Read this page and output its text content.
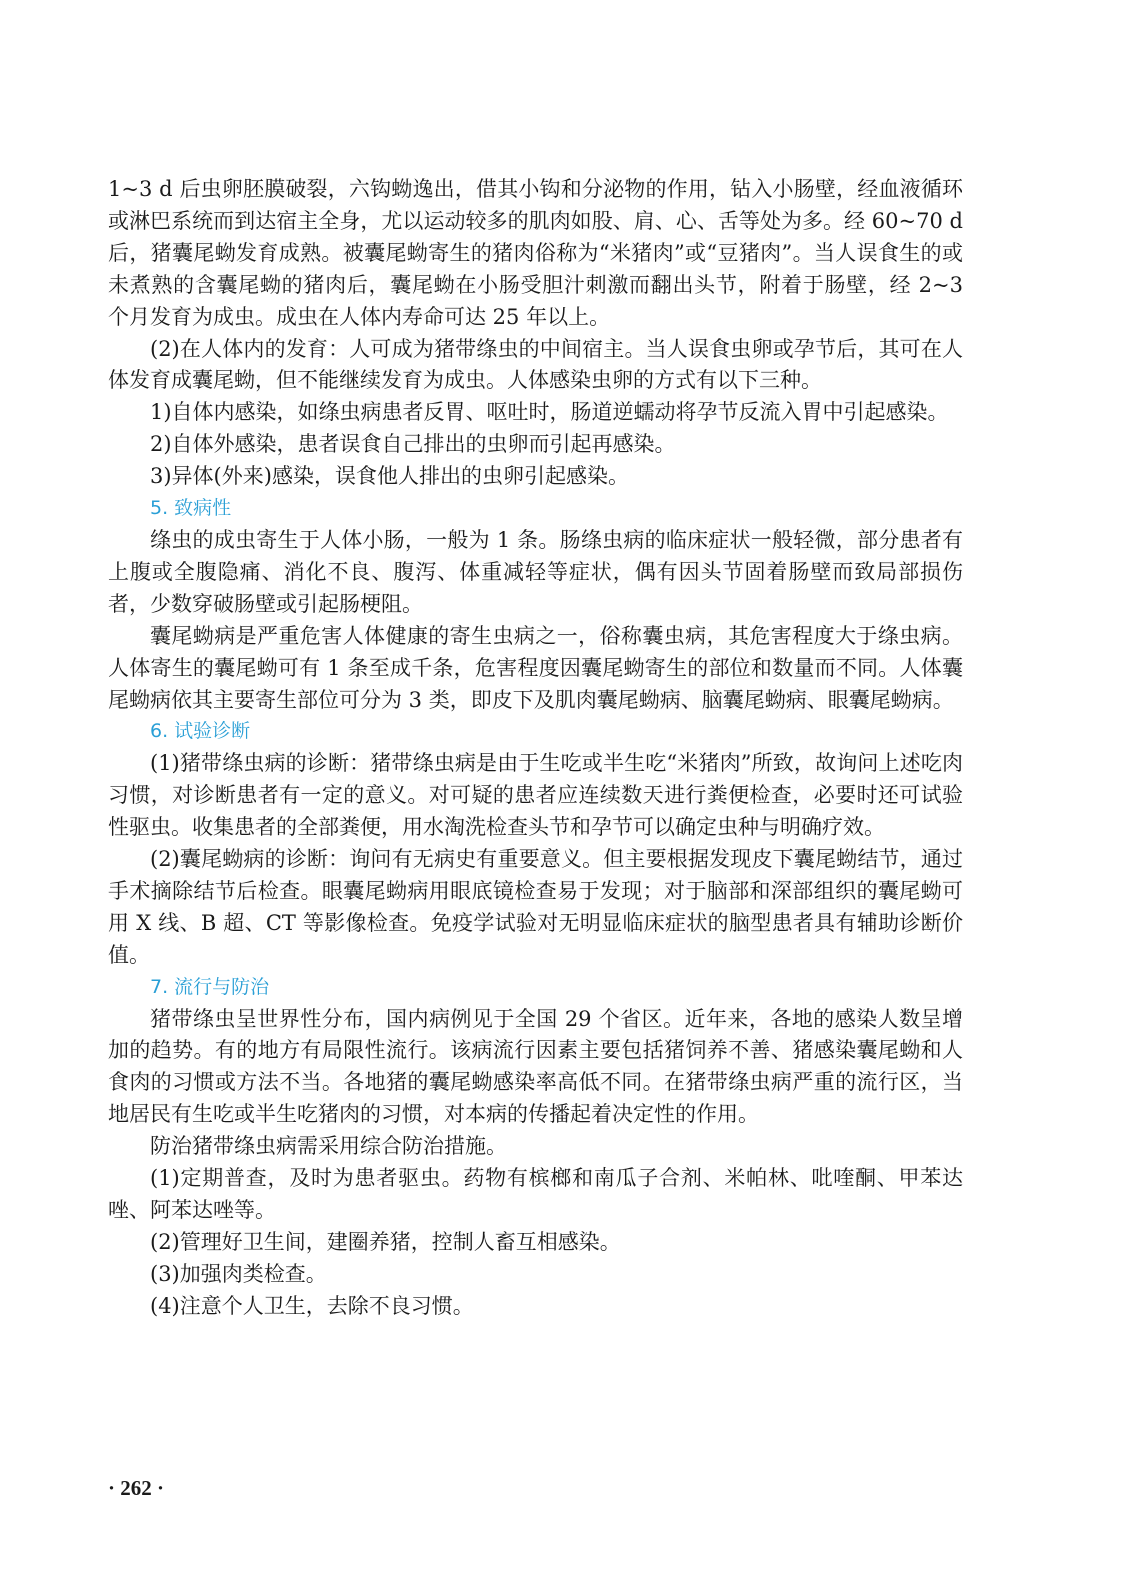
1~3 d 后虫卵胚膜破裂，六钩蚴逸出，借其小钩和分泌物的作用，钻入小肠壁，经血液循环或淋巴系统而到达宿主全身，尤以运动较多的肌肉如股、肩、心、舌等处为多。经 60~70 d 后，猪囊尾蚴发育成熟。被囊尾蚴寄生的猪肉俗称为“米猪肉”或“豆猪肉”。当人误食生的或未煮熟的含囊尾蚴的猪肉后，囊尾蚴在小肠受胆汁刺激而翻出头节，附着于肠壁，经 2~3 个月发育为成虫。成虫在人体内寿命可达 25 年以上。

(2)在人体内的发育：人可成为猪带绦虫的中间宿主。当人误食虫卵或孕节后，其可在人体发育成囊尾蚴，但不能继续发育为成虫。人体感染虫卵的方式有以下三种。

1)自体内感染，如绦虫病患者反胃、呕吐时，肠道逆蠕动将孕节反流入胃中引起感染。

2)自体外感染，患者误食自己排出的虫卵而引起再感染。

3)异体(外来)感染，误食他人排出的虫卵引起感染。

5. 致病性

绦虫的成虫寄生于人体小肠，一般为 1 条。肠绦虫病的临床症状一般轻微，部分患者有上腹或全腹隐痛、消化不良、腹泻、体重减轻等症状，偶有因头节固着肠壁而致局部损伤者，少数穿破肠壁或引起肠梗阻。

囊尾蚴病是严重危害人体健康的寄生虫病之一，俗称囊虫病，其危害程度大于绦虫病。人体寄生的囊尾蚴可有 1 条至成千条，危害程度因囊尾蚴寄生的部位和数量而不同。人体囊尾蚴病依其主要寄生部位可分为 3 类，即皮下及肌肉囊尾蚴病、脑囊尾蚴病、眼囊尾蚴病。

6. 试验诊断

(1)猪带绦虫病的诊断：猪带绦虫病是由于生吃或半生吃“米猪肉”所致，故询问上述吃肉习惯，对诊断患者有一定的意义。对可疑的患者应连续数天进行粪便检查，必要时还可试验性驱虫。收集患者的全部粪便，用水淘洗检查头节和孕节可以确定虫种与明确疗效。

(2)囊尾蚴病的诊断：询问有无病史有重要意义。但主要根据发现皮下囊尾蚴结节，通过手术摘除结节后检查。眼囊尾蚴病用眼底镜检查易于发现；对于脑部和深部组织的囊尾蚴可用 X 线、B 超、CT 等影像检查。免疫学试验对无明显临床症状的脑型患者具有辅助诊断价值。

7. 流行与防治

猪带绦虫呈世界性分布，国内病例见于全国 29 个省区。近年来，各地的感染人数呈增加的趋势。有的地方有局限性流行。该病流行因素主要包括猪饲养不善、猪感染囊尾蚴和人食肉的习惯或方法不当。各地猪的囊尾蚴感染率高低不同。在猪带绦虫病严重的流行区，当地居民有生吃或半生吃猪肉的习惯，对本病的传播起着决定性的作用。

防治猪带绦虫病需采用综合防治措施。

(1)定期普查，及时为患者驱虫。药物有槟榔和南瓜子合剂、米帕林、吡喹酮、甲苯达唑、阿苯达唑等。

(2)管理好卫生间，建圈养猪，控制人畜互相感染。

(3)加强肉类检查。

(4)注意个人卫生，去除不良习惯。

· 262 ·
